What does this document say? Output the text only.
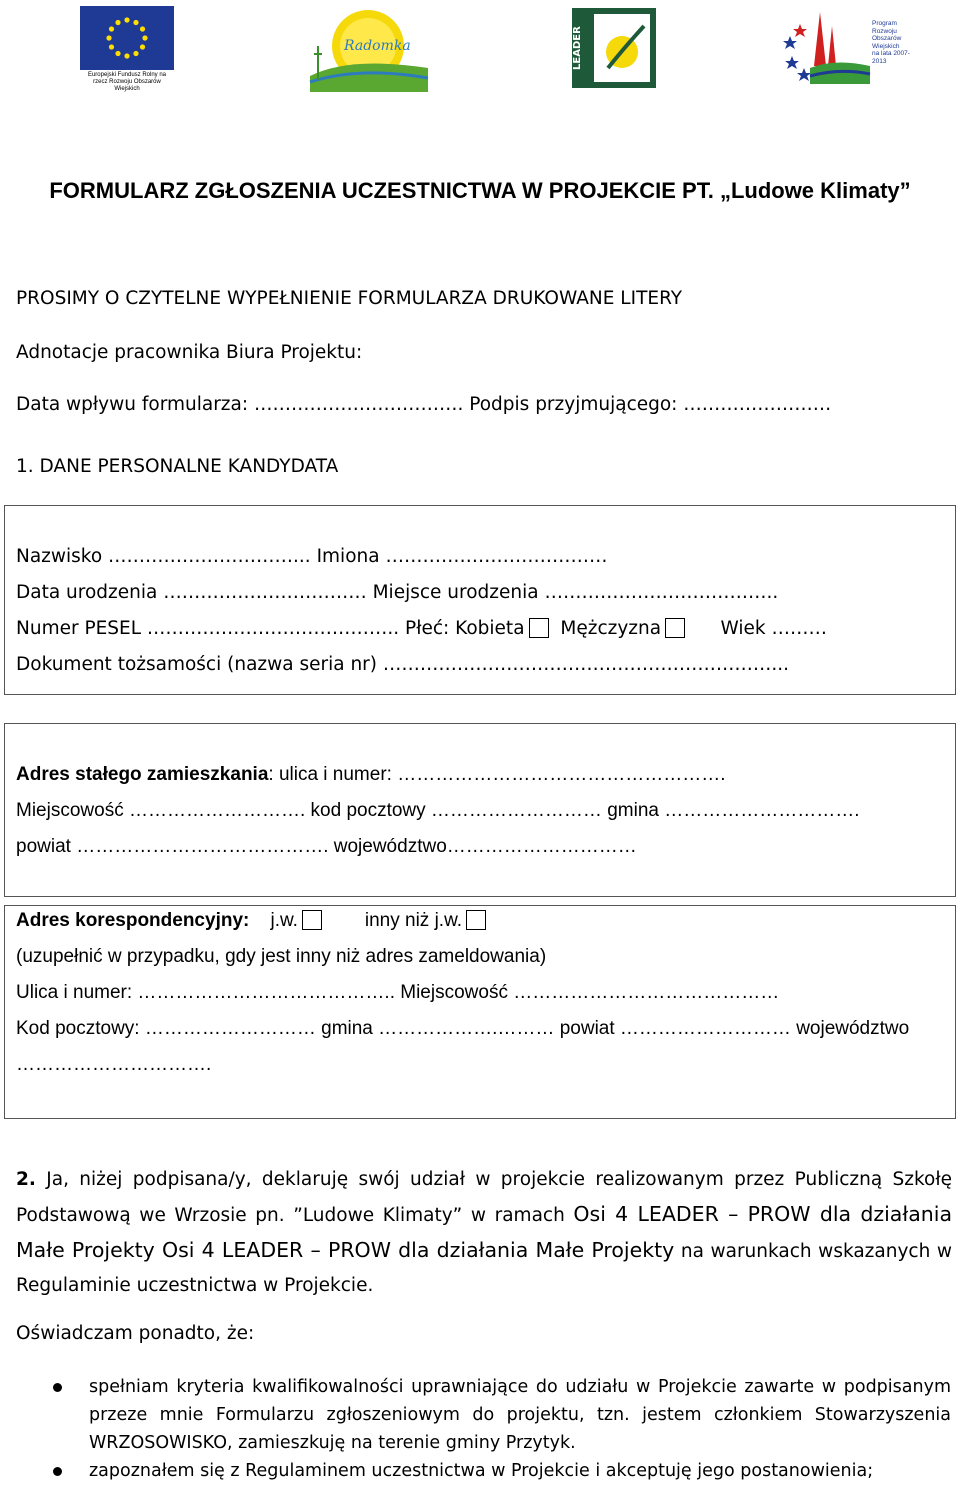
Europejski Fundusz Rolny na rzecz Rozwoju Obszarów Wiejskich
Radomka	LEADER
Program
Rozwoju
Obszarów
Wiejskich
na lata 2007-2013
FORMULARZ ZGŁOSZENIA UCZESTNICTWA W PROJEKCIE PT. „Ludowe Klimaty”
PROSIMY O CZYTELNE WYPEŁNIENIE FORMULARZA DRUKOWANE LITERY
Adnotacje pracownika Biura Projektu:
Data wpływu formularza: ……………………………. Podpis przyjmującego: ……………………
1. DANE PERSONALNE KANDYDATA
Nazwisko …………………………... Imiona ………………………………
Data urodzenia …………………………… Miejsce urodzenia ………………………………..
Numer PESEL ………………………………….. Płeć: Kobieta Mężczyzna	Wiek ………
Dokument tożsamości (nazwa seria nr) ………………………………………………………...
Adres stałego zamieszkania: ulica i numer: …………………………………………….
Miejscowość ………………………. kod pocztowy ……………………… gmina ………………………….
powiat …………………………………. województwo…………………………
Adres korespondencyjny: j.w.	inny niż j.w.
(uzupełnić w przypadku, gdy jest inny niż adres zameldowania)
Ulica i numer: ………………………………….. Miejscowość ……………………………………
Kod pocztowy: ……………………… gmina ……………….……… powiat ……………………… województwo
………………………….
2. Ja, niżej podpisana/y, deklaruję swój udział w projekcie realizowanym przez Publiczną Szkołę Podstawową we Wrzosie pn. ”Ludowe Klimaty” w ramach Osi 4 LEADER – PROW dla działania Małe Projekty Osi 4 LEADER – PROW dla działania Małe Projekty na warunkach wskazanych w Regulaminie uczestnictwa w Projekcie.
Oświadczam ponadto, że:
spełniam kryteria kwalifikowalności uprawniające do udziału w Projekcie zawarte w podpisanym przeze mnie Formularzu zgłoszeniowym do projektu, tzn. jestem członkiem Stowarzyszenia WRZOSOWISKO, zamieszkuję na terenie gminy Przytyk.
zapoznałem się z Regulaminem uczestnictwa w Projekcie i akceptuję jego postanowienia;
